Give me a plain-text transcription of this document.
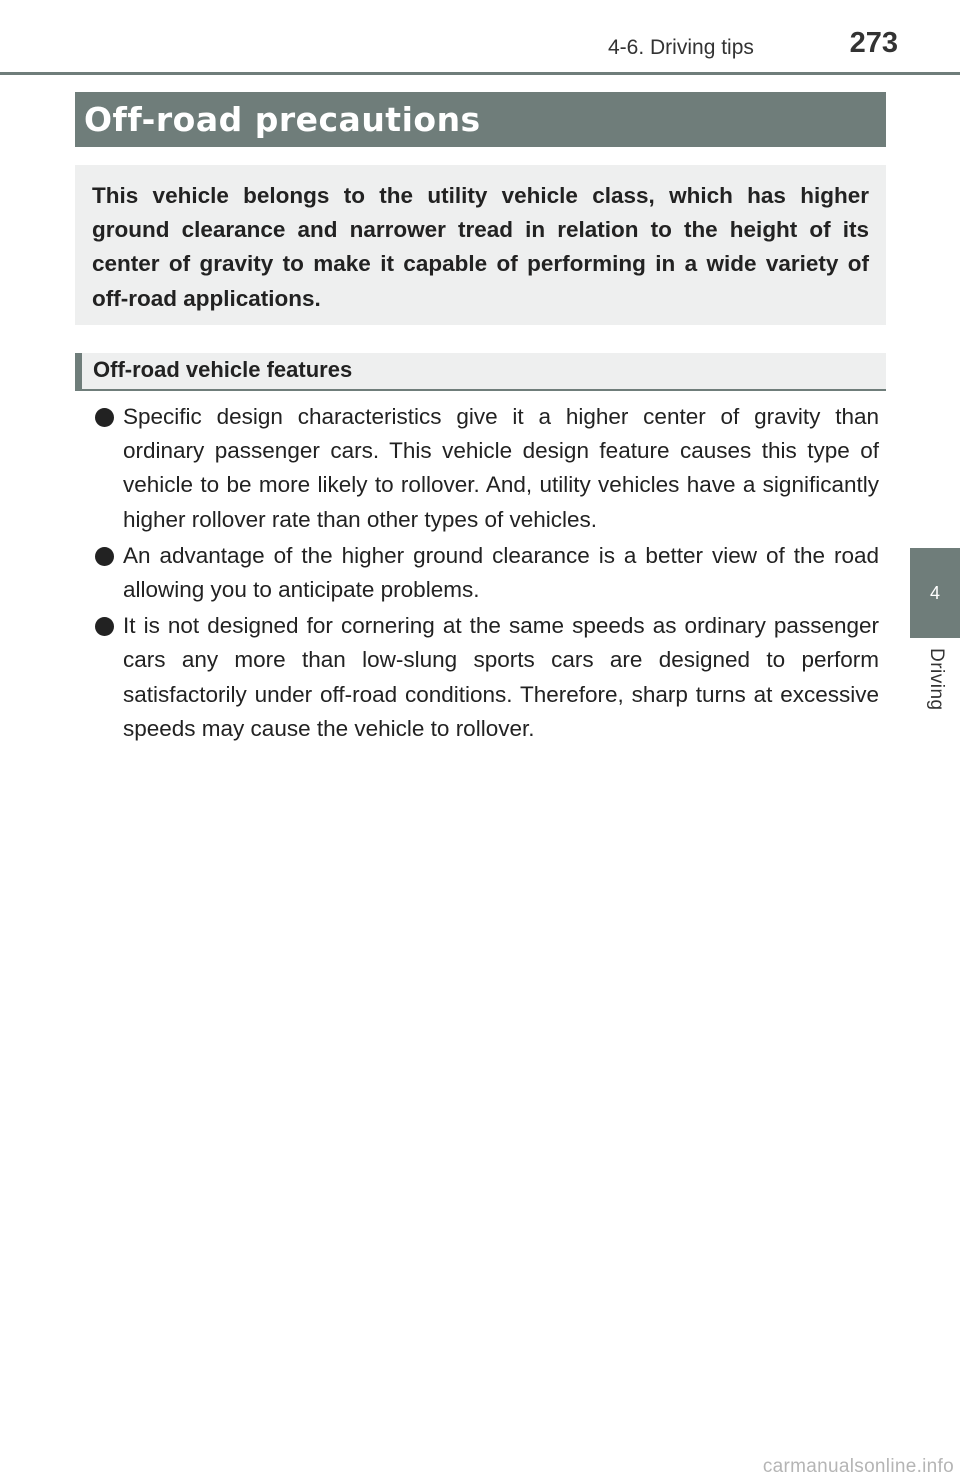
4-6. Driving tips	273
4
Driving
Off-road precautions

This vehicle belongs to the utility vehicle class, which has higher ground clearance and narrower tread in relation to the height of its center of gravity to make it capable of performing in a wide variety of off-road applications.

Off-road vehicle features
Specific design characteristics give it a higher center of gravity than ordinary passenger cars. This vehicle design feature causes this type of vehicle to be more likely to rollover. And, utility vehicles have a significantly higher rollover rate than other types of vehicles.
An advantage of the higher ground clearance is a better view of the road allowing you to anticipate problems.
It is not designed for cornering at the same speeds as ordinary passenger cars any more than low-slung sports cars are designed to perform satisfactorily under off-road conditions. Therefore, sharp turns at excessive speeds may cause the vehicle to rollover.
carmanualsonline.info
